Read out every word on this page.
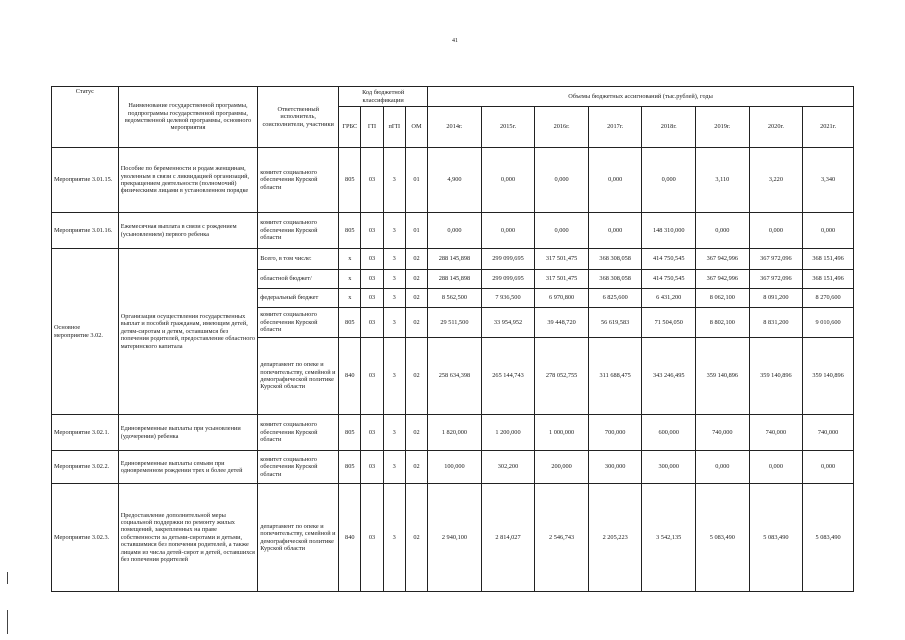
41
Статус	Наименование государственной программы, подпрограммы государственной программы, ведомственной целевой программы, основного мероприятия	Ответственный исполнитель, соисполнители, участники	Код бюджетной классификации				Объемы бюджетных ассигнований (тыс.рублей), годы							
			ГРБС	ГП	пГП	ОМ	2014г.	2015г.	2016г.	2017г.	2018г.	2019г.	2020г.	2021г.
Мероприятие 3.01.15.	Пособие по беременности и родам женщинам, уволенным в связи с ликвидацией организаций, прекращением деятельности (полномочий) физическими лицами в установленном порядке	комитет социального обеспечения Курской области	805	03	3	01	4,900	0,000	0,000	0,000	0,000	3,110	3,220	3,340
Мероприятие 3.01.16.	Ежемесячная выплата в связи с рождением (усыновлением) первого ребенка	комитет социального обеспечения Курской области	805	03	3	01	0,000	0,000	0,000	0,000	148 310,000	0,000	0,000	0,000
Основное мероприятие 3.02.	Организация осуществления государственных выплат и пособий гражданам, имеющим детей, детям-сиротам и детям, оставшимся без попечения родителей, предоставление областного материнского капитала	Всего, в том числе:	x	03	3	02	288 145,898	299 099,695	317 501,475	368 308,058	414 750,545	367 942,996	367 972,096	368 151,496
		областной бюджет/	x	03	3	02	288 145,898	299 099,695	317 501,475	368 308,058	414 750,545	367 942,996	367 972,096	368 151,496
		федеральный бюджет	x	03	3	02	8 562,500	7 936,500	6 970,800	6 825,600	6 431,200	8 062,100	8 091,200	8 270,600
		комитет социального обеспечения Курской области	805	03	3	02	29 511,500	33 954,952	39 448,720	56 619,583	71 504,050	8 802,100	8 831,200	9 010,600
		департамент по опеке и попечительству, семейной и демографической политике Курской области	840	03	3	02	258 634,398	265 144,743	278 052,755	311 688,475	343 246,495	359 140,896	359 140,896	359 140,896
Мероприятие 3.02.1.	Единовременные выплаты при усыновлении (удочерении) ребенка	комитет социального обеспечения Курской области	805	03	3	02	1 820,000	1 200,000	1 000,000	700,000	600,000	740,000	740,000	740,000
Мероприятие 3.02.2.	Единовременные выплаты семьям при одновременном рождении трех и более детей	комитет социального обеспечения Курской области	805	03	3	02	100,000	302,200	200,000	300,000	300,000	0,000	0,000	0,000
Мероприятие 3.02.3.	Предоставление дополнительной меры социальной поддержки по ремонту жилых помещений, закрепленных на праве собственности за детьми-сиротами и детьми, оставшимися без попечения родителей, а также лицами из числа детей-сирот и детей, оставшихся без попечения родителей	департамент по опеке и попечительству, семейной и демографической политике Курской области	840	03	3	02	2 940,100	2 814,027	2 546,743	2 205,223	3 542,135	5 083,490	5 083,490	5 083,490
